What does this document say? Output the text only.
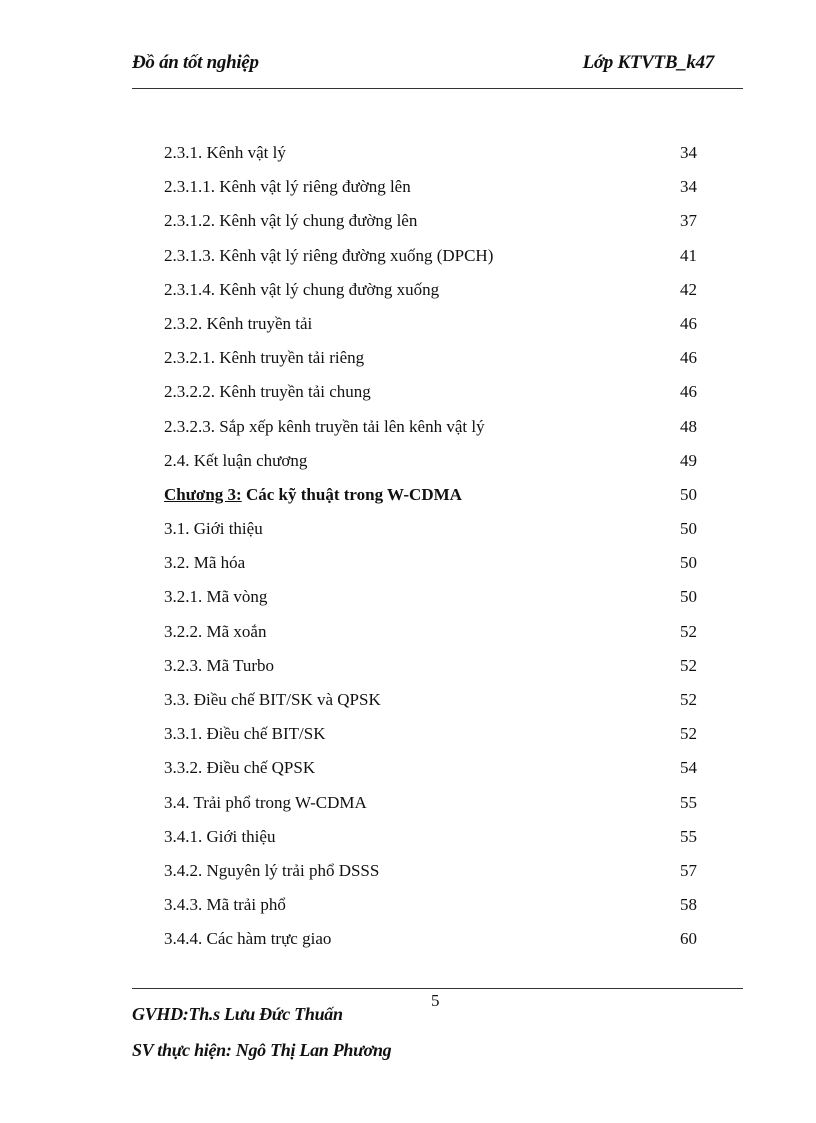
Đồ án tốt nghiệp	Lớp KTVTB_k47
2.3.1. Kênh vật lý	34
2.3.1.1. Kênh vật lý riêng đường lên	34
2.3.1.2. Kênh vật lý chung đường lên	37
2.3.1.3. Kênh vật lý riêng đường xuống (DPCH)	41
2.3.1.4. Kênh vật lý chung đường xuống	42
2.3.2. Kênh truyền tải	46
2.3.2.1. Kênh truyền tải riêng	46
2.3.2.2. Kênh truyền tải chung	46
2.3.2.3. Sắp xếp kênh truyền tải lên kênh vật lý	48
2.4. Kết luận chương	49
Chương 3: Các kỹ thuật trong W-CDMA	50
3.1. Giới thiệu	50
3.2. Mã hóa	50
3.2.1. Mã vòng	50
3.2.2. Mã xoắn	52
3.2.3. Mã Turbo	52
3.3. Điều chế BIT/SK và QPSK	52
3.3.1. Điều chế BIT/SK	52
3.3.2. Điều chế QPSK	54
3.4. Trải phổ trong W-CDMA	55
3.4.1. Giới thiệu	55
3.4.2. Nguyên lý trải phổ DSSS	57
3.4.3. Mã trải phổ	58
3.4.4. Các hàm trực giao	60
5
GVHD:Th.s Lưu Đức Thuấn
SV thực hiện: Ngô Thị Lan Phương
